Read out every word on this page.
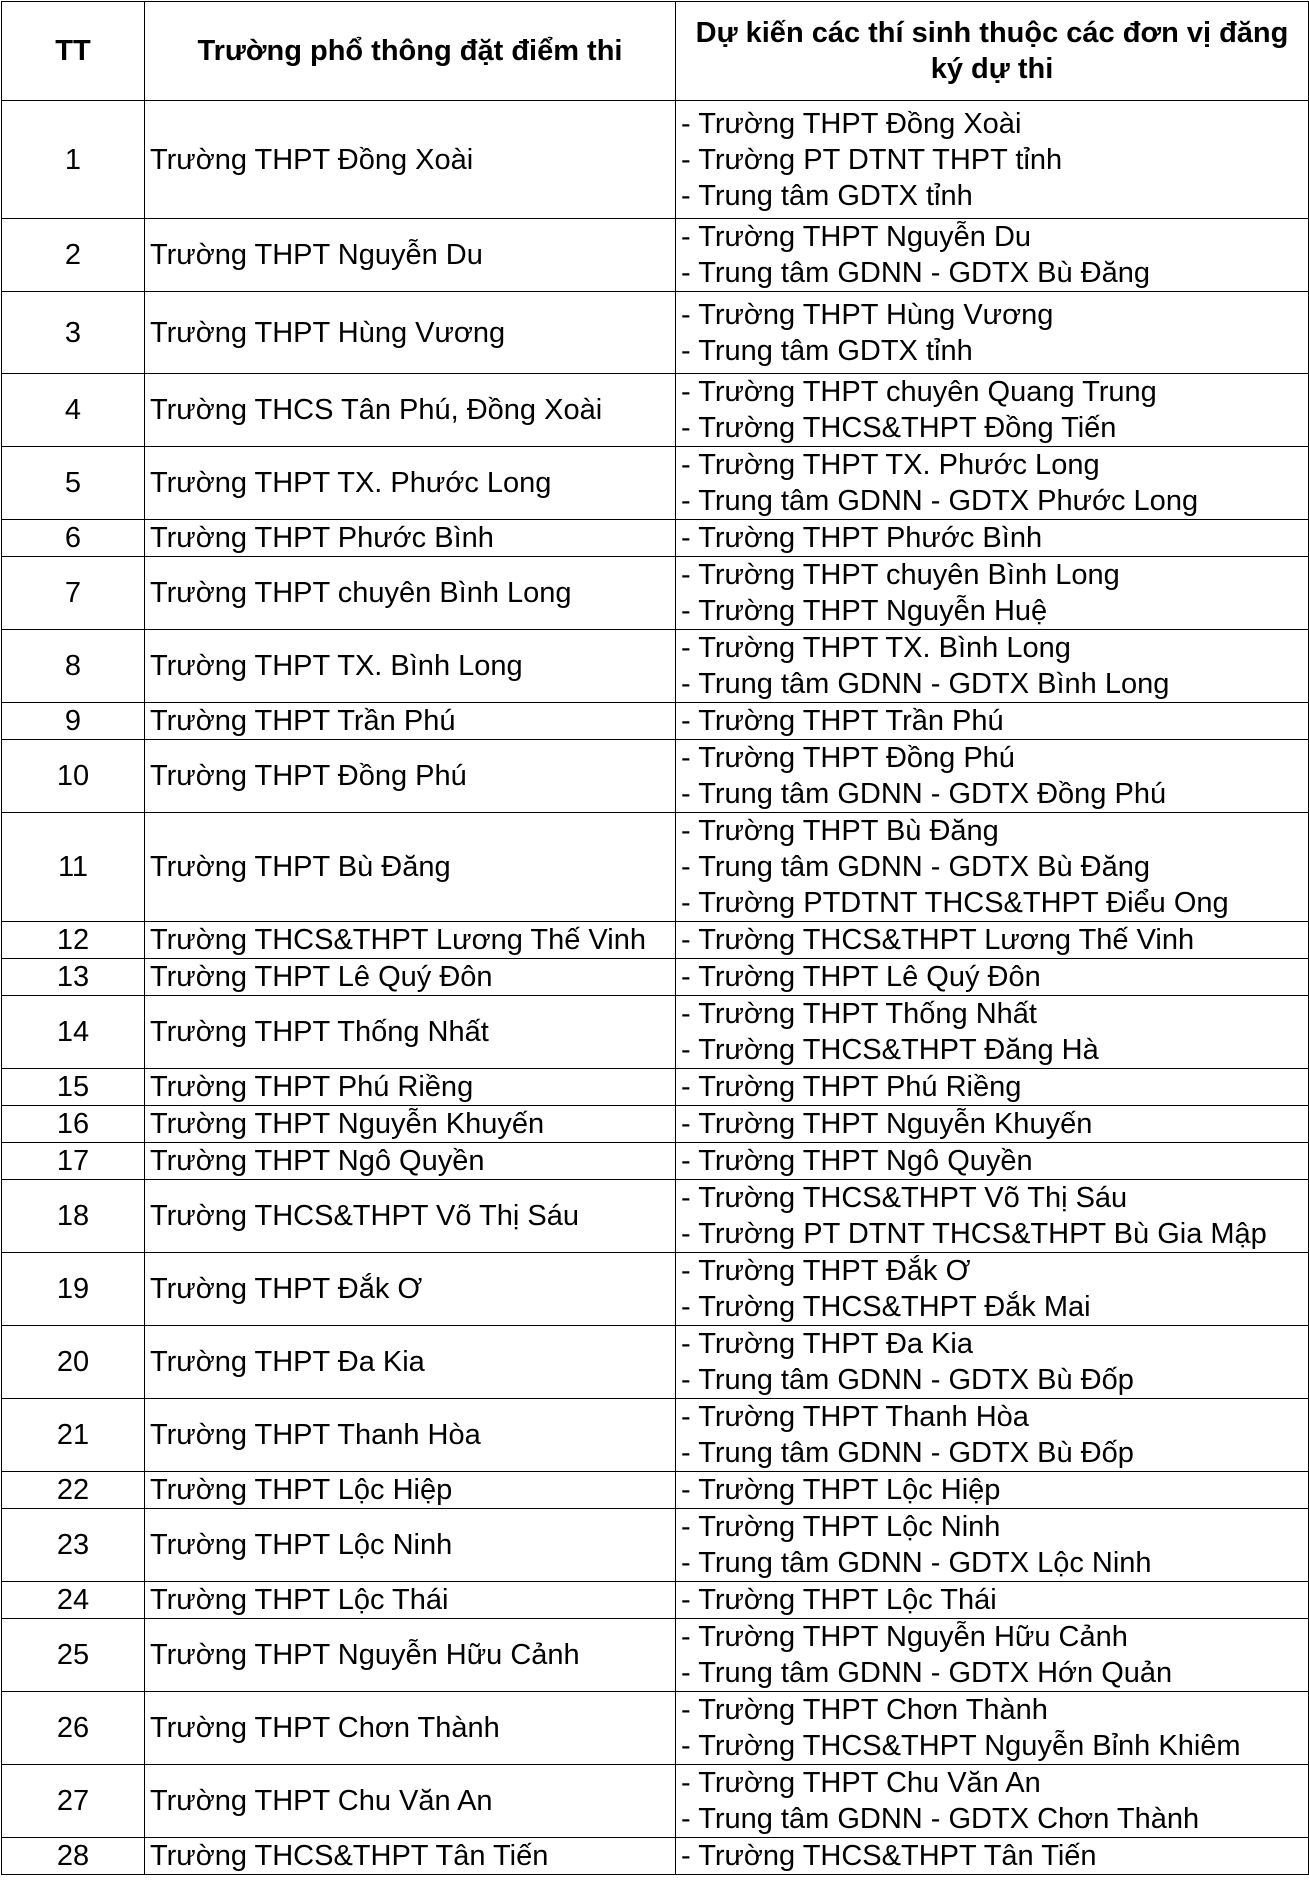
TT	Trường phổ thông đặt điểm thi	Dự kiến các thí sinh thuộc các đơn vị đăng ký dự thi
1	Trường THPT Đồng Xoài	- Trường THPT Đồng Xoài
- Trường PT DTNT THPT tỉnh
- Trung tâm GDTX tỉnh

2	Trường THPT Nguyễn Du	- Trường THPT Nguyễn Du
- Trung tâm GDNN - GDTX Bù Đăng

3	Trường THPT Hùng Vương	- Trường THPT Hùng Vương
- Trung tâm GDTX tỉnh

4	Trường THCS Tân Phú, Đồng Xoài	- Trường THPT chuyên Quang Trung
- Trường THCS&THPT Đồng Tiến

5	Trường THPT TX. Phước Long	- Trường THPT TX. Phước Long
- Trung tâm GDNN - GDTX Phước Long

6	Trường THPT Phước Bình	- Trường THPT Phước Bình

7	Trường THPT chuyên Bình Long	- Trường THPT chuyên Bình Long
- Trường THPT Nguyễn Huệ

8	Trường THPT TX. Bình Long	- Trường THPT TX. Bình Long
- Trung tâm GDNN - GDTX Bình Long

9	Trường THPT Trần Phú	- Trường THPT Trần Phú

10	Trường THPT Đồng Phú	- Trường THPT Đồng Phú
- Trung tâm GDNN - GDTX Đồng Phú

11	Trường THPT Bù Đăng	- Trường THPT Bù Đăng
- Trung tâm GDNN - GDTX Bù Đăng
- Trường PTDTNT THCS&THPT Điểu Ong

12	Trường THCS&THPT Lương Thế Vinh	- Trường THCS&THPT Lương Thế Vinh

13	Trường THPT Lê Quý Đôn	- Trường THPT Lê Quý Đôn

14	Trường THPT Thống Nhất	- Trường THPT Thống Nhất
- Trường THCS&THPT Đăng Hà

15	Trường THPT Phú Riềng	- Trường THPT Phú Riềng

16	Trường THPT Nguyễn Khuyến	- Trường THPT Nguyễn Khuyến

17	Trường THPT Ngô Quyền	- Trường THPT Ngô Quyền

18	Trường THCS&THPT Võ Thị Sáu	- Trường THCS&THPT Võ Thị Sáu
- Trường PT DTNT THCS&THPT Bù Gia Mập

19	Trường THPT Đắk Ơ	- Trường THPT Đắk Ơ
- Trường THCS&THPT Đắk Mai

20	Trường THPT Đa Kia	- Trường THPT Đa Kia
- Trung tâm GDNN - GDTX Bù Đốp

21	Trường THPT Thanh Hòa	- Trường THPT Thanh Hòa
- Trung tâm GDNN - GDTX Bù Đốp

22	Trường THPT Lộc Hiệp	- Trường THPT Lộc Hiệp

23	Trường THPT Lộc Ninh	- Trường THPT Lộc Ninh
- Trung tâm GDNN - GDTX Lộc Ninh

24	Trường THPT Lộc Thái	- Trường THPT Lộc Thái

25	Trường THPT Nguyễn Hữu Cảnh	- Trường THPT Nguyễn Hữu Cảnh
- Trung tâm GDNN - GDTX Hớn Quản

26	Trường THPT Chơn Thành	- Trường THPT Chơn Thành
- Trường THCS&THPT Nguyễn Bỉnh Khiêm

27	Trường THPT Chu Văn An	- Trường THPT Chu Văn An
- Trung tâm GDNN - GDTX Chơn Thành

28	Trường THCS&THPT Tân Tiến	- Trường THCS&THPT Tân Tiến
